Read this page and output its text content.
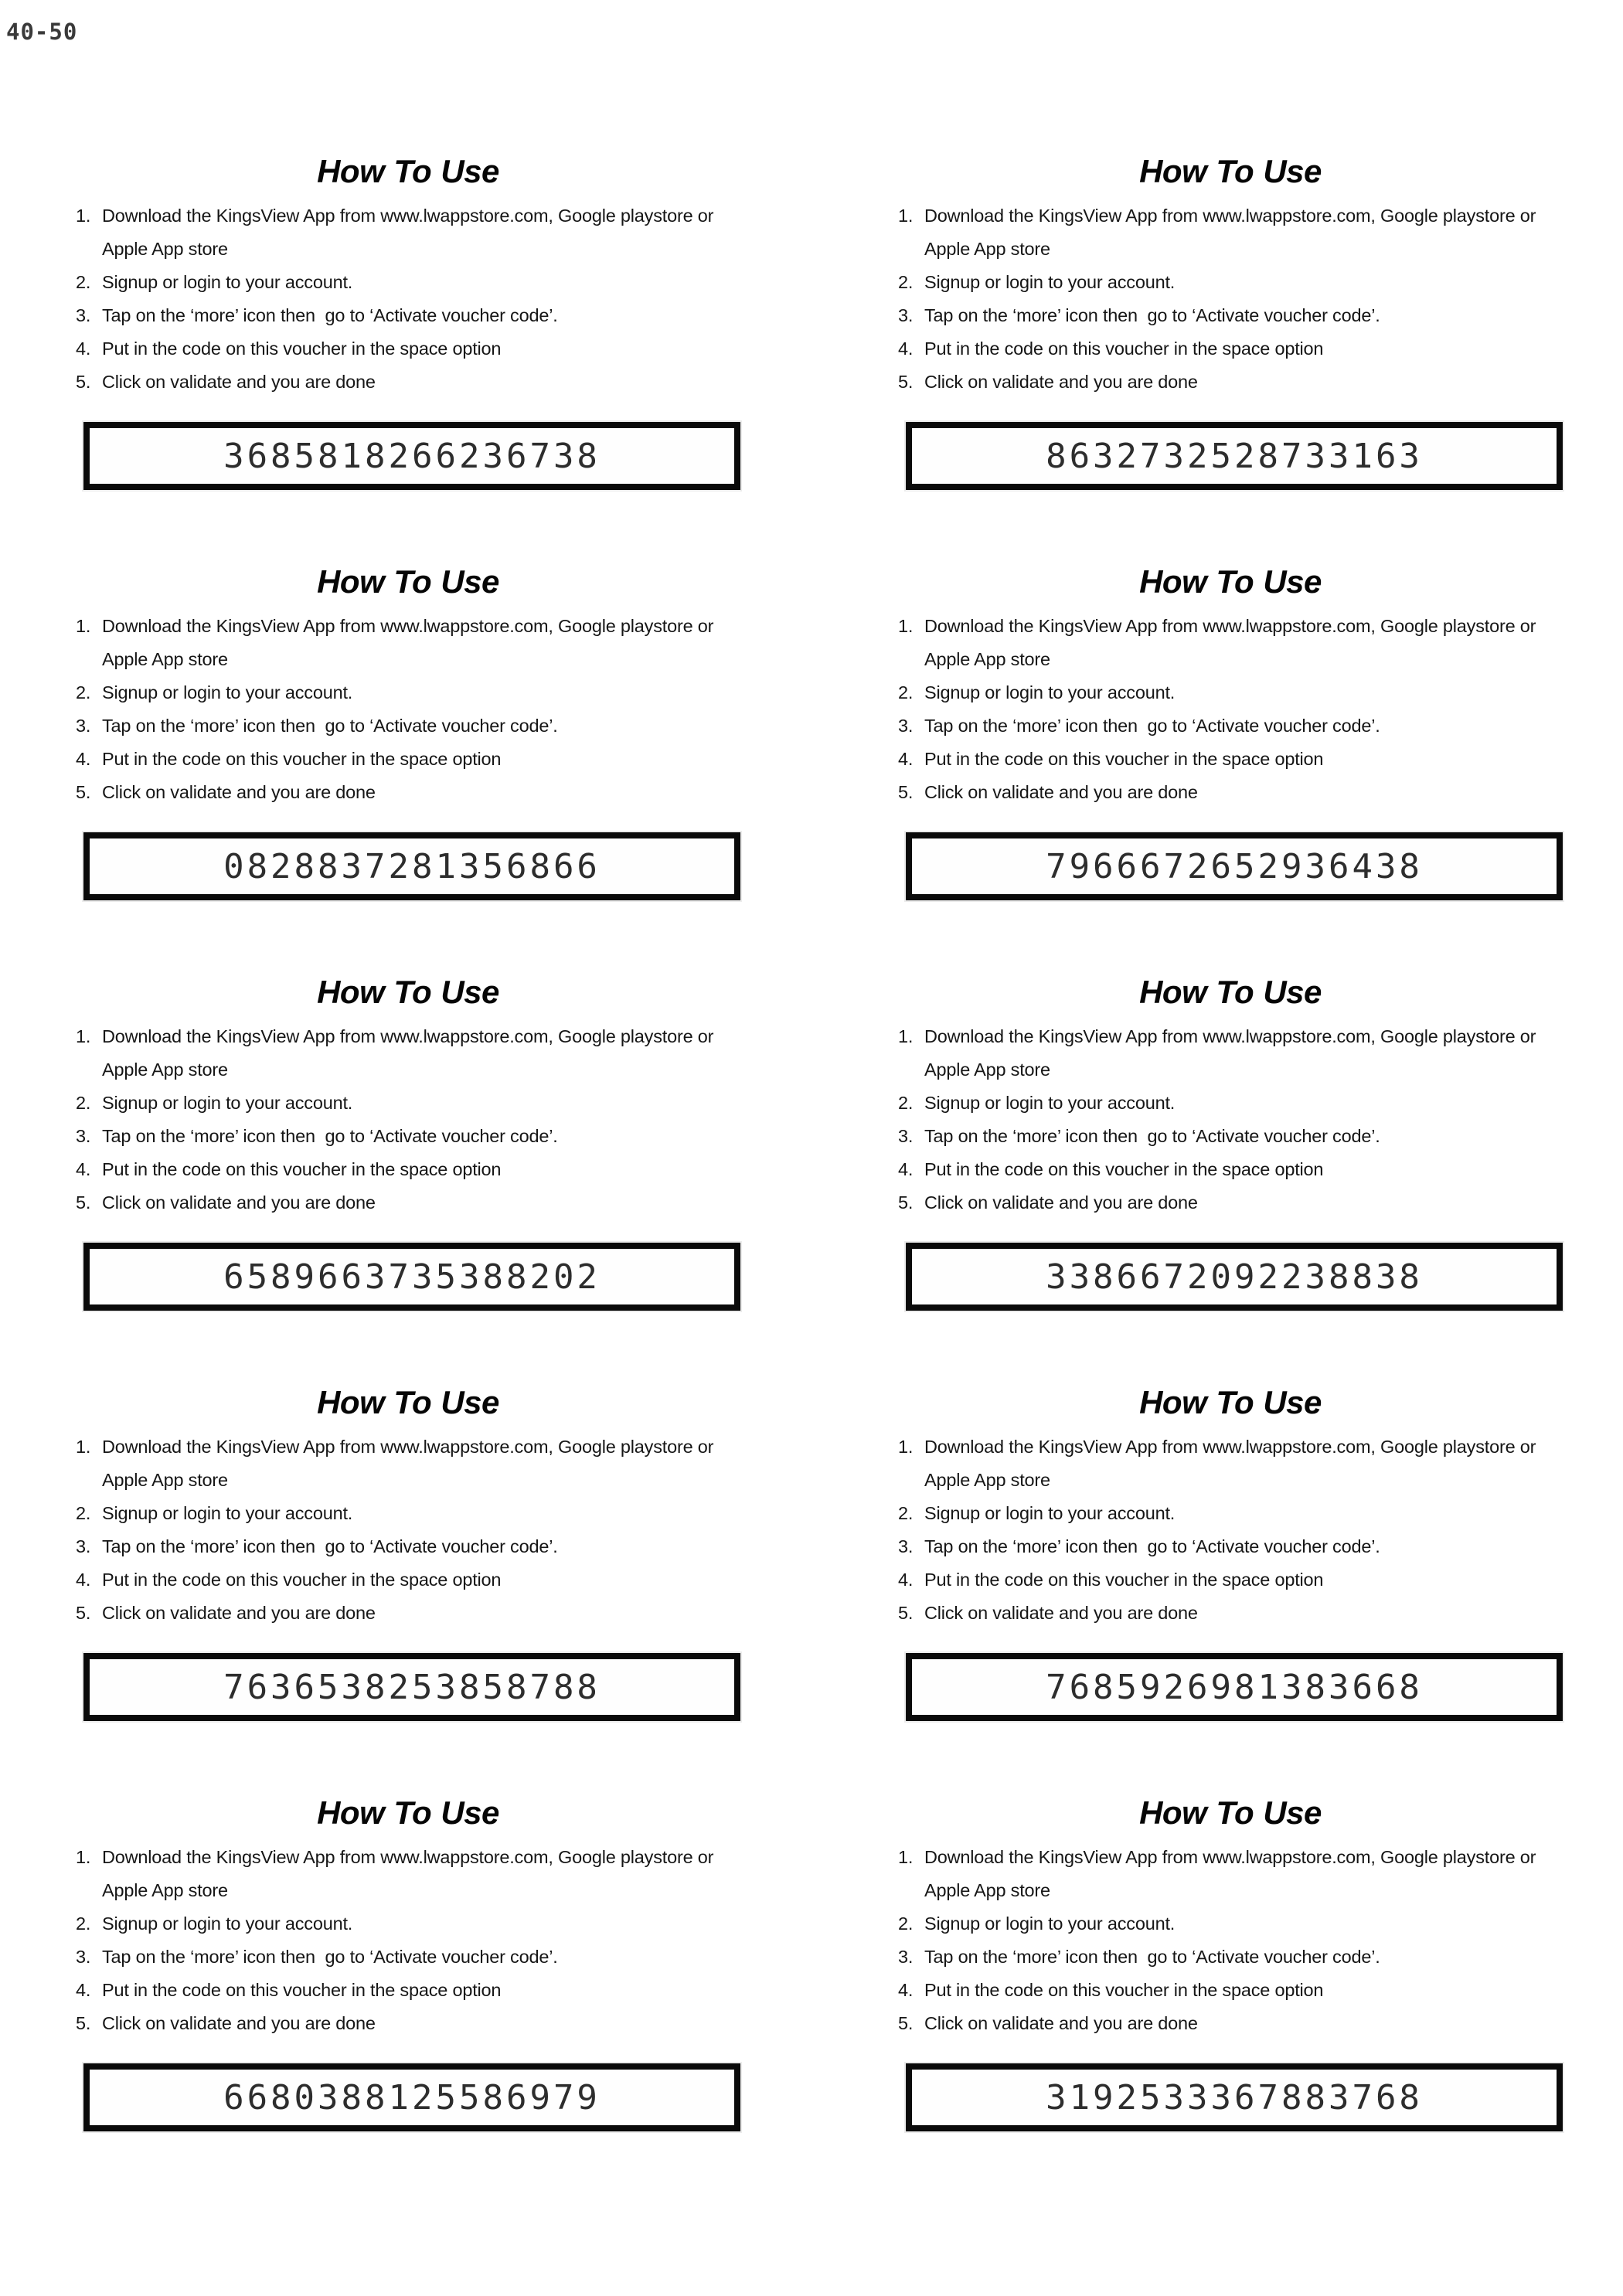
40-50
How To Use
1. Download the KingsView App from www.lwappstore.com, Google playstore or
Apple App store
2. Signup or login to your account.
3. Tap on the ‘more’ icon then  go to ‘Activate voucher code’.
4. Put in the code on this voucher in the space option
5. Click on validate and you are done
3685818266236738
How To Use
1. Download the KingsView App from www.lwappstore.com, Google playstore or
Apple App store
2. Signup or login to your account.
3. Tap on the ‘more’ icon then  go to ‘Activate voucher code’.
4. Put in the code on this voucher in the space option
5. Click on validate and you are done
8632732528733163
How To Use
1. Download the KingsView App from www.lwappstore.com, Google playstore or
Apple App store
2. Signup or login to your account.
3. Tap on the ‘more’ icon then  go to ‘Activate voucher code’.
4. Put in the code on this voucher in the space option
5. Click on validate and you are done
0828837281356866
How To Use
1. Download the KingsView App from www.lwappstore.com, Google playstore or
Apple App store
2. Signup or login to your account.
3. Tap on the ‘more’ icon then  go to ‘Activate voucher code’.
4. Put in the code on this voucher in the space option
5. Click on validate and you are done
7966672652936438
How To Use
1. Download the KingsView App from www.lwappstore.com, Google playstore or
Apple App store
2. Signup or login to your account.
3. Tap on the ‘more’ icon then  go to ‘Activate voucher code’.
4. Put in the code on this voucher in the space option
5. Click on validate and you are done
6589663735388202
How To Use
1. Download the KingsView App from www.lwappstore.com, Google playstore or
Apple App store
2. Signup or login to your account.
3. Tap on the ‘more’ icon then  go to ‘Activate voucher code’.
4. Put in the code on this voucher in the space option
5. Click on validate and you are done
3386672092238838
How To Use
1. Download the KingsView App from www.lwappstore.com, Google playstore or
Apple App store
2. Signup or login to your account.
3. Tap on the ‘more’ icon then  go to ‘Activate voucher code’.
4. Put in the code on this voucher in the space option
5. Click on validate and you are done
7636538253858788
How To Use
1. Download the KingsView App from www.lwappstore.com, Google playstore or
Apple App store
2. Signup or login to your account.
3. Tap on the ‘more’ icon then  go to ‘Activate voucher code’.
4. Put in the code on this voucher in the space option
5. Click on validate and you are done
7685926981383668
How To Use
1. Download the KingsView App from www.lwappstore.com, Google playstore or
Apple App store
2. Signup or login to your account.
3. Tap on the ‘more’ icon then  go to ‘Activate voucher code’.
4. Put in the code on this voucher in the space option
5. Click on validate and you are done
6680388125586979
How To Use
1. Download the KingsView App from www.lwappstore.com, Google playstore or
Apple App store
2. Signup or login to your account.
3. Tap on the ‘more’ icon then  go to ‘Activate voucher code’.
4. Put in the code on this voucher in the space option
5. Click on validate and you are done
3192533367883768
